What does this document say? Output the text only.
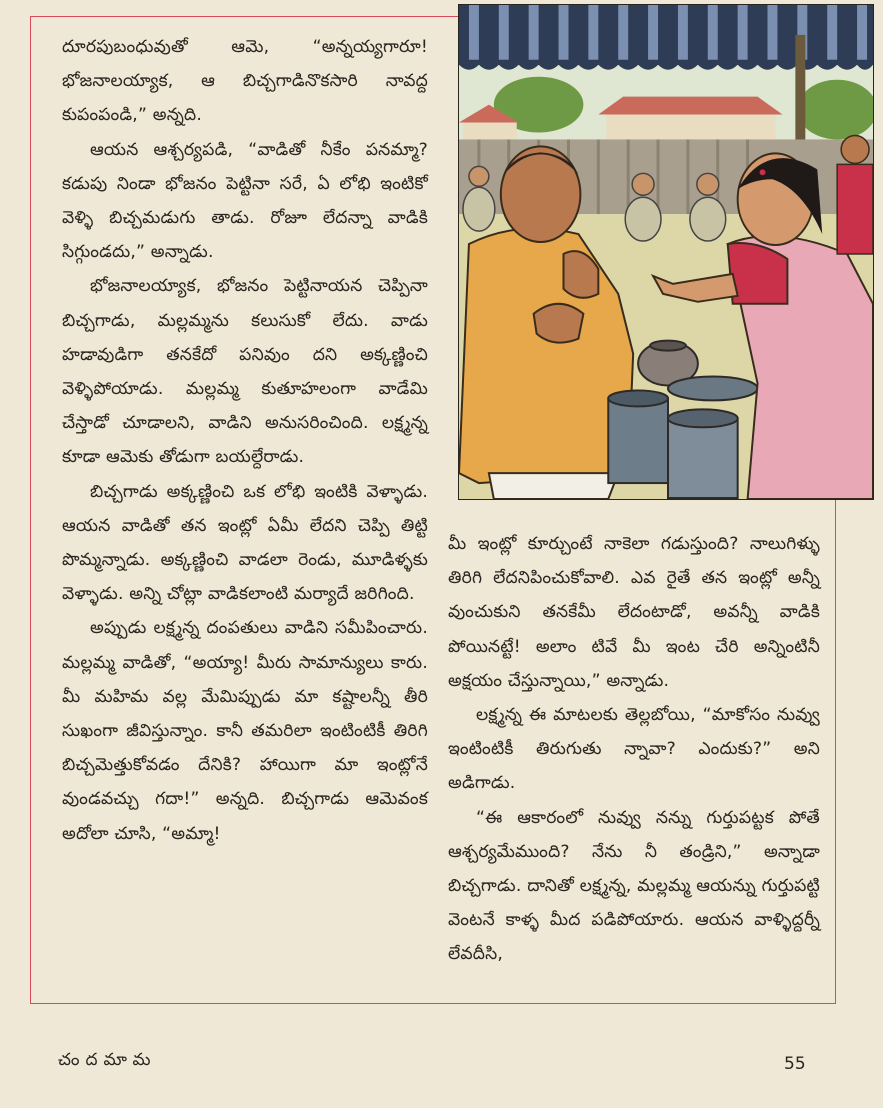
దూరపుబంధువుతో ఆమె, “అన్నయ్యగారూ! భోజనాలయ్యాక, ఆ బిచ్చగాడినొకసారి నావద్ద కుపంపండి,” అన్నది.

ఆయన ఆశ్చర్యపడి, “వాడితో నీకేం పనమ్మా? కడుపు నిండా భోజనం పెట్టినా సరే, ఏ లోభి ఇంటికో వెళ్ళి బిచ్చమడుగు తాడు. రోజూ లేదన్నా వాడికి సిగ్గుండదు,” అన్నాడు.

భోజనాలయ్యాక, భోజనం పెట్టినాయన చెప్పినా బిచ్చగాడు, మల్లమ్మను కలుసుకో లేదు. వాడు హడావుడిగా తనకేదో పనివుం దని అక్కణ్ణించి వెళ్ళిపోయాడు. మల్లమ్మ కుతూహలంగా వాడేమి చేస్తాడో చూడాలని, వాడిని అనుసరించింది. లక్ష్మన్న కూడా ఆమెకు తోడుగా బయల్దేరాడు.

బిచ్చగాడు అక్కణ్ణించి ఒక లోభి ఇంటికి వెళ్ళాడు. ఆయన వాడితో తన ఇంట్లో ఏమీ లేదని చెప్పి తిట్టి పొమ్మన్నాడు. అక్కణ్ణించి వాడలా రెండు, మూడిళ్ళకు వెళ్ళాడు. అన్ని చోట్లా వాడికలాంటి మర్యాదే జరిగింది.

అప్పుడు లక్ష్మన్న దంపతులు వాడిని సమీపించారు. మల్లమ్మ వాడితో, “అయ్యా! మీరు సామాన్యులు కారు. మీ మహిమ వల్ల మేమిప్పుడు మా కష్టాలన్నీ తీరి సుఖంగా జీవిస్తున్నాం. కానీ తమరిలా ఇంటింటికీ తిరిగి బిచ్చమెత్తుకోవడం దేనికి? హాయిగా మా ఇంట్లోనే వుండవచ్చు గదా!” అన్నది. బిచ్చగాడు ఆమెవంక అదోలా చూసి, “అమ్మా!

మీ ఇంట్లో కూర్చుంటే నాకెలా గడుస్తుంది? నాలుగిళ్ళు తిరిగి లేదనిపించుకోవాలి. ఎవ రైతే తన ఇంట్లో అన్నీ వుంచుకుని తనకేమీ లేదంటాడో, అవన్నీ వాడికి పోయినట్టే! అలాం టివే మీ ఇంట చేరి అన్నింటినీ అక్షయం చేస్తున్నాయి,” అన్నాడు.

లక్ష్మన్న ఈ మాటలకు తెల్లబోయి, “మాకోసం నువ్వు ఇంటింటికీ తిరుగుతు న్నావా? ఎందుకు?” అని అడిగాడు.

“ఈ ఆకారంలో నువ్వు నన్ను గుర్తుపట్టక పోతే ఆశ్చర్యమేముంది? నేను నీ తండ్రిని,” అన్నాడా బిచ్చగాడు. దానితో లక్ష్మన్న, మల్లమ్మ ఆయన్ను గుర్తుపట్టి వెంటనే కాళ్ళ మీద పడిపోయారు. ఆయన వాళ్ళిద్దర్నీ లేవదీసి,

చందమామ	55
